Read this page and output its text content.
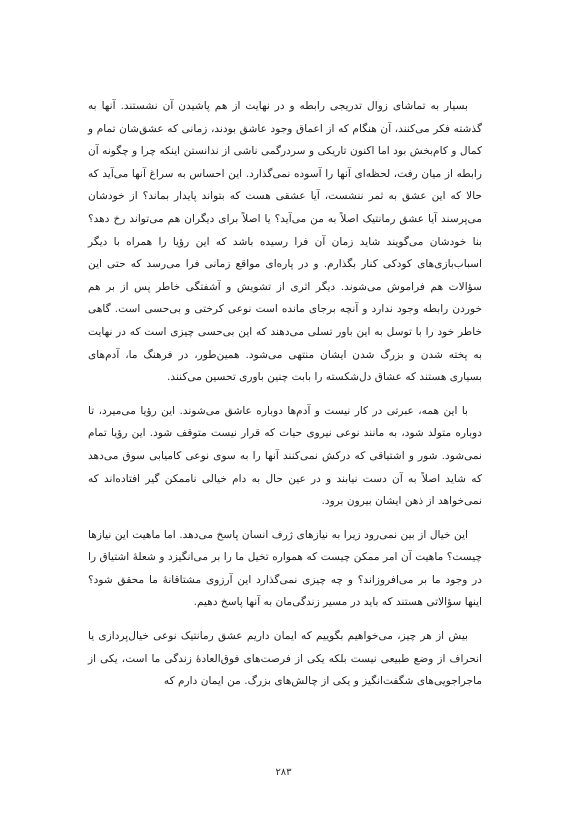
بسیار به تماشای زوال تدریجی رابطه و در نهایت از هم پاشیدن آن نشستند. آنها به گذشته فکر می‌کنند، آن هنگام که از اعماق وجود عاشق بودند، زمانی که عشق‌شان تمام و کمال و کام‌بخش بود اما اکنون تاریکی و سردرگمی ناشی از ندانستن اینکه چرا و چگونه آن رابطه از میان رفت، لحظه‌ای آنها را آسوده نمی‌گذارد. این احساس به سراغ آنها می‌آید که حالا که این عشق به ثمر ننشست، آیا عشقی هست که بتواند پایدار بماند؟ از خودشان می‌پرسند آیا عشق رمانتیک اصلاً به من می‌آید؟ یا اصلاً برای دیگران هم می‌تواند رخ دهد؟ بنا خودشان می‌گویند شاید زمان آن فرا رسیده باشد که این رؤیا را همراه با دیگر اسباب‌بازی‌های کودکی کنار بگذارم. و در پاره‌ای مواقع زمانی فرا می‌رسد که حتی این سؤالات هم فراموش می‌شوند. دیگر اثری از تشویش و آشفتگی خاطر پس از بر هم خوردن رابطه وجود ندارد و آنچه برجای مانده است نوعی کرختی و بی‌حسی است. گاهی خاطر خود را با توسل به این باور تسلی می‌دهند که این بی‌حسی چیزی است که در نهایت به پخته شدن و بزرگ شدن ایشان منتهی می‌شود. همین‌طور، در فرهنگ ما، آدم‌های بسیاری هستند که عشاق دل‌شکسته را بابت چنین باوری تحسین می‌کنند.

با این همه، عبرتی در کار نیست و آدم‌ها دوباره عاشق می‌شوند. این رؤیا می‌میرد، تا دوباره متولد شود، به مانند نوعی نیروی حیات که قرار نیست متوقف شود. این رؤیا تمام نمی‌شود. شور و اشتیاقی که درکش نمی‌کنند آنها را به سوی نوعی کامیابی سوق می‌دهد که شاید اصلاً به آن دست نیابند و در عین حال به دام خیالی ناممکن گیر افتاده‌اند که نمی‌خواهد از ذهن ایشان بیرون برود.

این خیال از بین نمی‌رود زیرا به نیازهای ژرف انسان پاسخ می‌دهد. اما ماهیت این نیازها چیست؟ ماهیت آن امر ممکن چیست که همواره تخیل ما را بر می‌انگیزد و شعلهٔ اشتیاق را در وجود ما بر می‌افروزاند؟ و چه چیزی نمی‌گذارد این آرزوی مشتاقانهٔ ما محقق شود؟ اینها سؤالاتی هستند که باید در مسیر زندگی‌مان به آنها پاسخ دهیم.

بیش از هر چیز، می‌خواهیم بگوییم که ایمان داریم عشق رمانتیک نوعی خیال‌پردازی یا انحراف از وضع طبیعی نیست بلکه یکی از فرصت‌های فوق‌العادهٔ زندگی ما است، یکی از ماجراجویی‌های شگفت‌انگیز و یکی از چالش‌های بزرگ. من ایمان دارم که

۲۸۳
